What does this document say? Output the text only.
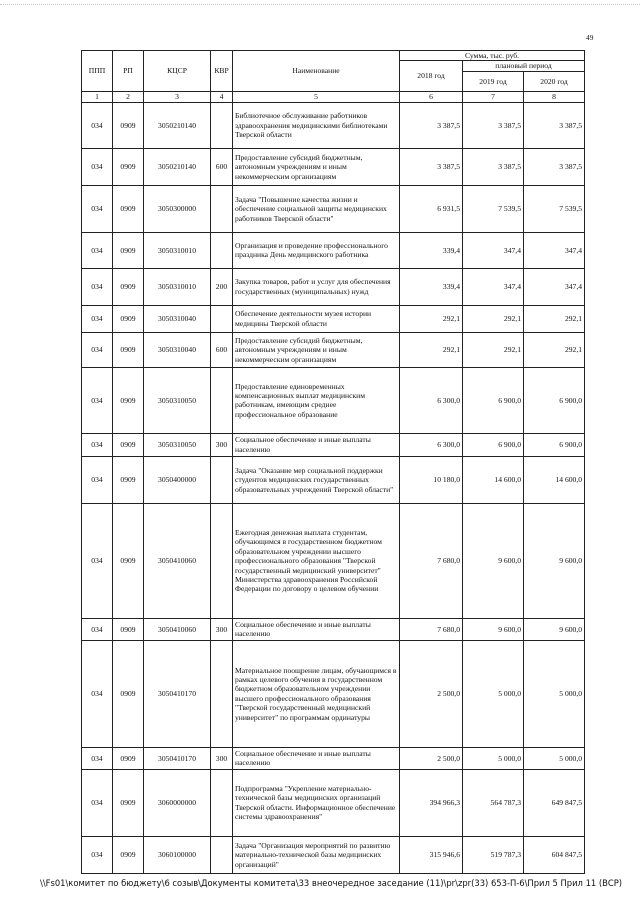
49
ППП	РП	КЦСР	КВР	Наименование	Сумма, тыс. руб.		
					2018 год	плановый период	
						2019 год	2020 год
1	2	3	4	5	6	7	8
034	0909	3050210140		Библиотечное обслуживание работников здравоохранения медицинскими библиотеками Тверской области	3 387,5	3 387,5	3 387,5
034	0909	3050210140	600	Предоставление субсидий бюджетным, автономным учреждениям и иным некоммерческим организациям	3 387,5	3 387,5	3 387,5
034	0909	3050300000		Задача "Повышение качества жизни и обеспечение социальной защиты медицинских работников Тверской области"	6 931,5	7 539,5	7 539,5
034	0909	3050310010		Организация и проведение профессионального праздника День медицинского работника	339,4	347,4	347,4
034	0909	3050310010	200	Закупка товаров, работ и услуг для обеспечения государственных (муниципальных) нужд	339,4	347,4	347,4
034	0909	3050310040		Обеспечение деятельности музея истории медицины Тверской области	292,1	292,1	292,1
034	0909	3050310040	600	Предоставление субсидий бюджетным, автономным учреждениям и иным некоммерческим организациям	292,1	292,1	292,1
034	0909	3050310050		Предоставление единовременных компенсационных выплат медицинским работникам, имеющим среднее профессиональное образование	6 300,0	6 900,0	6 900,0
034	0909	3050310050	300	Социальное обеспечение и иные выплаты населению	6 300,0	6 900,0	6 900,0
034	0909	3050400000		Задача "Оказание мер социальной поддержки студентов медицинских государственных образовательных учреждений Тверской области"	10 180,0	14 600,0	14 600,0
034	0909	3050410060		Ежегодная денежная выплата студентам, обучающимся в государственном бюджетном образовательном учреждении высшего профессионального образования "Тверской государственный медицинский университет" Министерства здравоохранения Российской Федерации по договору о целевом обучении	7 680,0	9 600,0	9 600,0
034	0909	3050410060	300	Социальное обеспечение и иные выплаты населению	7 680,0	9 600,0	9 600,0
034	0909	3050410170		Материальное поощрение лицам, обучающимся в рамках целевого обучения в государственном бюджетном образовательном учреждении высшего профессионального образования "Тверской государственный медицинский университет" по программам ординатуры	2 500,0	5 000,0	5 000,0
034	0909	3050410170	300	Социальное обеспечение и иные выплаты населению	2 500,0	5 000,0	5 000,0
034	0909	3060000000		Подпрограмма "Укрепление материально-технической базы медицинских организаций Тверской области. Информационное обеспечение системы здравоохранения"	394 966,3	564 787,3	649 847,5
034	0909	3060100000		Задача "Организация мероприятий по развитию материально-технической базы медицинских организаций"	315 946,6	519 787,3	604 847,5
\\Fs01\комитет по бюджету\6 созыв\Документы комитета\33 внеочередное заседание (11)\pr\zpr(33) 653-П-6\Прил 5 Прил 11 (ВСР)
